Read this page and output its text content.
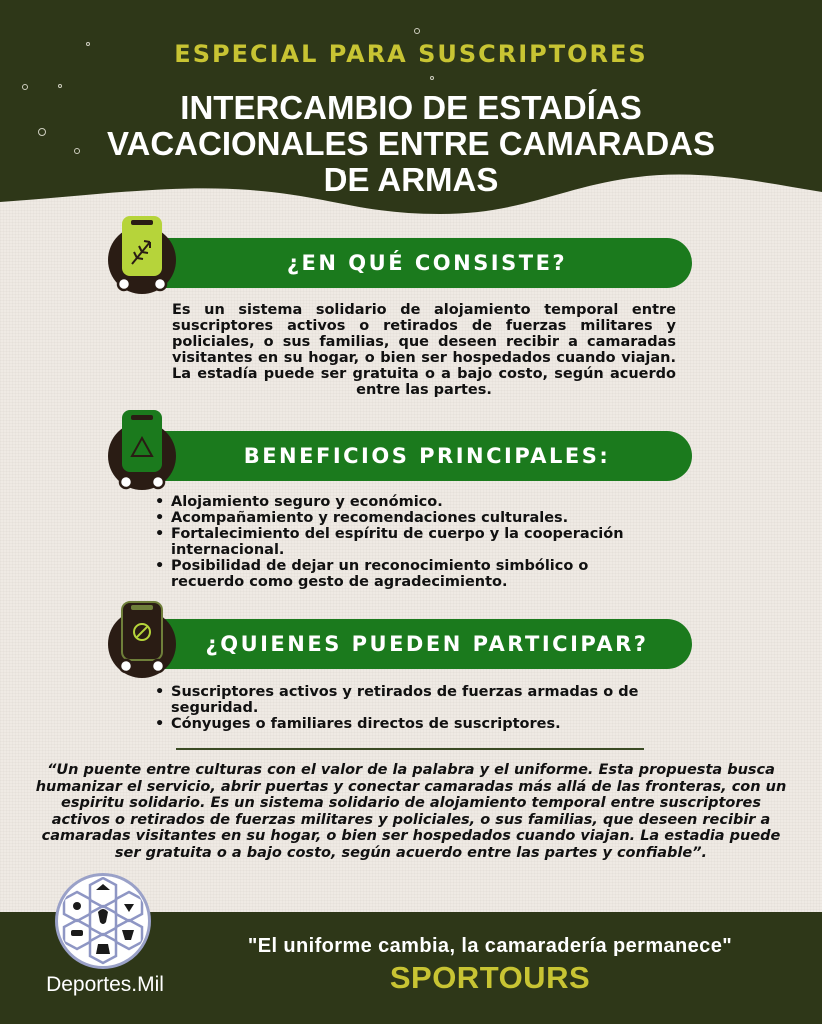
ESPECIAL PARA SUSCRIPTORES
INTERCAMBIO DE ESTADÍAS VACACIONALES ENTRE CAMARADAS DE ARMAS
¿EN QUÉ CONSISTE?
Es un sistema solidario de alojamiento temporal entre suscriptores activos o retirados de fuerzas militares y policiales, o sus familias, que deseen recibir a camaradas visitantes en su hogar, o bien ser hospedados cuando viajan. La estadía puede ser gratuita o a bajo costo, según acuerdo entre las partes.
BENEFICIOS PRINCIPALES:
• Alojamiento seguro y económico.
• Acompañamiento y recomendaciones culturales.
• Fortalecimiento del espíritu de cuerpo y la cooperación internacional.
• Posibilidad de dejar un reconocimiento simbólico o recuerdo como gesto de agradecimiento.
¿QUIENES PUEDEN PARTICIPAR?
• Suscriptores activos y retirados de fuerzas armadas o de seguridad.
• Cónyuges o familiares directos de suscriptores.
“Un puente entre culturas con el valor de la palabra y el uniforme. Esta propuesta busca humanizar el servicio, abrir puertas y conectar camaradas más allá de las fronteras, con un espiritu solidario. Es un sistema solidario de alojamiento temporal entre suscriptores activos o retirados de fuerzas militares y policiales, o sus familias, que deseen recibir a camaradas visitantes en su hogar, o bien ser hospedados cuando viajan. La estadia puede ser gratuita o a bajo costo, según acuerdo entre las partes y confiable”.
Deportes.Mil
"El uniforme cambia, la camaradería permanece"
SPORTOURS
